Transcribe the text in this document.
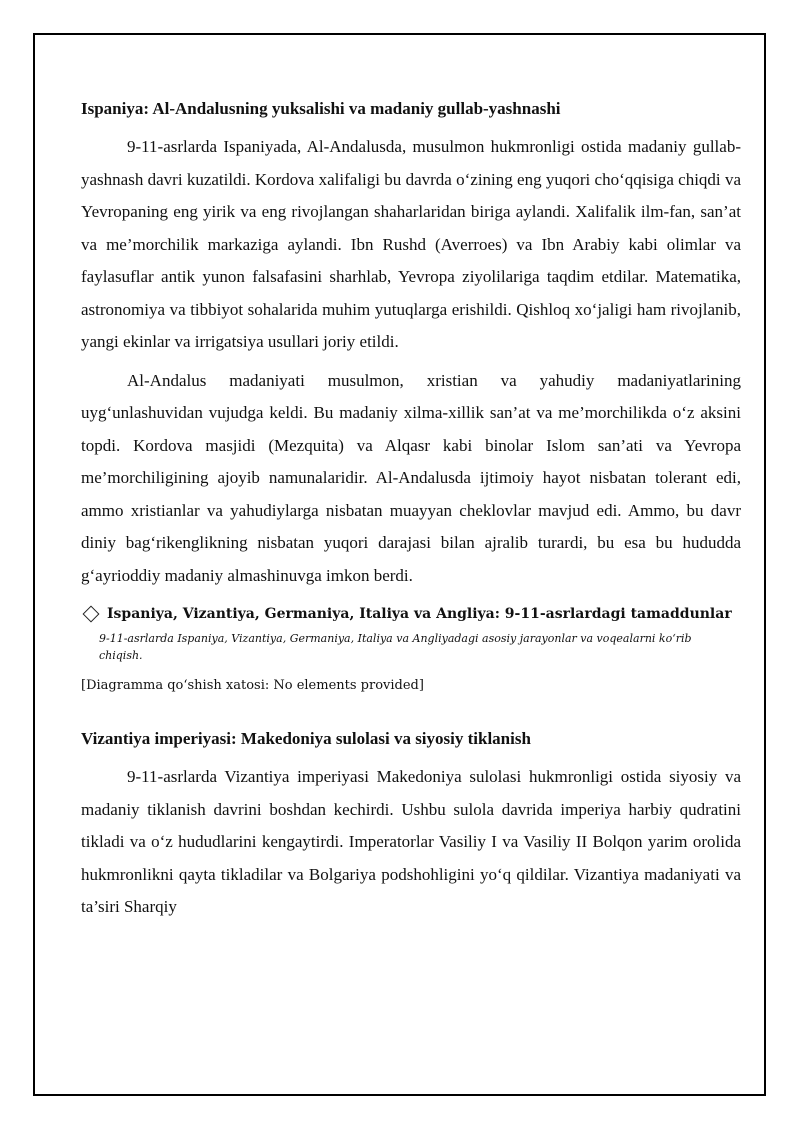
Ispaniya: Al-Andalusning yuksalishi va madaniy gullab-yashnashi

9-11-asrlarda Ispaniyada, Al-Andalusda, musulmon hukmronligi ostida madaniy gullab-yashnash davri kuzatildi. Kordova xalifaligi bu davrda o‘zining eng yuqori cho‘qqisiga chiqdi va Yevropaning eng yirik va eng rivojlangan shaharlaridan biriga aylandi. Xalifalik ilm-fan, san’at va me’morchilik markaziga aylandi. Ibn Rushd (Averroes) va Ibn Arabiy kabi olimlar va faylasuflar antik yunon falsafasini sharhlab, Yevropa ziyolilariga taqdim etdilar. Matematika, astronomiya va tibbiyot sohalarida muhim yutuqlarga erishildi. Qishloq xo‘jaligi ham rivojlanib, yangi ekinlar va irrigatsiya usullari joriy etildi.

Al-Andalus madaniyati musulmon, xristian va yahudiy madaniyatlarining uyg‘unlashuvidan vujudga keldi. Bu madaniy xilma-xillik san’at va me’morchilikda o‘z aksini topdi. Kordova masjidi (Mezquita) va Alqasr kabi binolar Islom san’ati va Yevropa me’morchiligining ajoyib namunalaridir. Al-Andalusda ijtimoiy hayot nisbatan tolerant edi, ammo xristianlar va yahudiylarga nisbatan muayyan cheklovlar mavjud edi. Ammo, bu davr diniy bag‘rikenglikning nisbatan yuqori darajasi bilan ajralib turardi, bu esa bu hududda g‘ayrioddiy madaniy almashinuvga imkon berdi.

Ispaniya, Vizantiya, Germaniya, Italiya va Angliya: 9-11-asrlardagi tamaddunlar
9-11-asrlarda Ispaniya, Vizantiya, Germaniya, Italiya va Angliyadagi asosiy jarayonlar va voqealarni ko‘rib chiqish.
[Diagramma qo‘shish xatosi: No elements provided]
Vizantiya imperiyasi: Makedoniya sulolasi va siyosiy tiklanish

9-11-asrlarda Vizantiya imperiyasi Makedoniya sulolasi hukmronligi ostida siyosiy va madaniy tiklanish davrini boshdan kechirdi. Ushbu sulola davrida imperiya harbiy qudratini tikladi va o‘z hududlarini kengaytirdi. Imperatorlar Vasiliy I va Vasiliy II Bolqon yarim orolida hukmronlikni qayta tikladilar va Bolgariya podshohligini yo‘q qildilar. Vizantiya madaniyati va ta’siri Sharqiy
